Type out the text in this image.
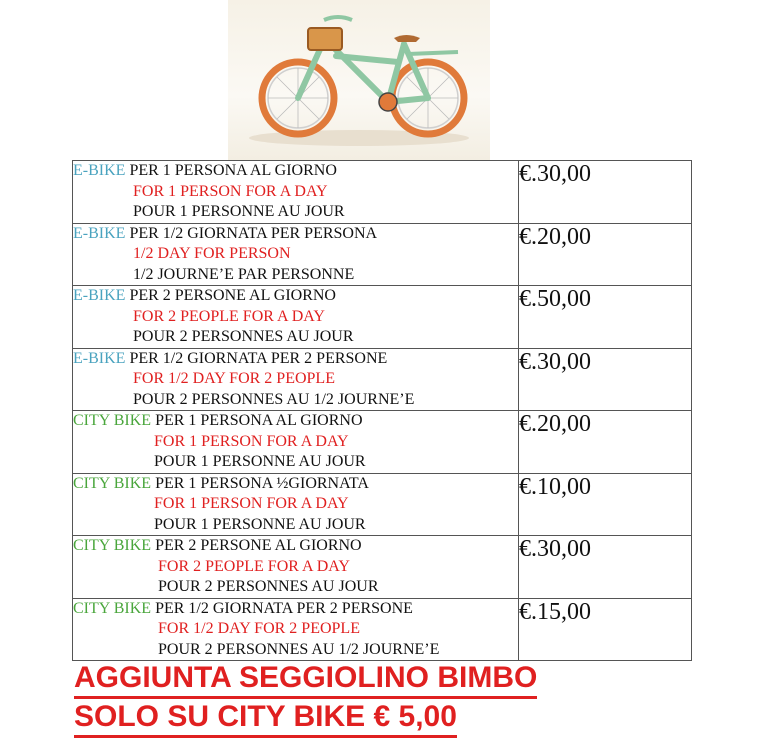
E-BIKE PER 1 PERSONA AL GIORNO
FOR 1 PERSON FOR A DAY
POUR 1 PERSONNE AU JOUR	€.30,00

E-BIKE PER 1/2 GIORNATA PER PERSONA
1/2 DAY FOR PERSON
1/2 JOURNE’E PAR PERSONNE	€.20,00

E-BIKE PER 2 PERSONE AL GIORNO
FOR 2 PEOPLE FOR A DAY
POUR 2 PERSONNES AU JOUR	€.50,00

E-BIKE PER 1/2 GIORNATA PER 2 PERSONE
FOR 1/2 DAY FOR 2 PEOPLE
POUR 2 PERSONNES AU 1/2 JOURNE’E	€.30,00

CITY BIKE PER 1 PERSONA AL GIORNO
FOR 1 PERSON FOR A DAY
POUR 1 PERSONNE AU JOUR	€.20,00

CITY BIKE PER 1 PERSONA ½GIORNATA
FOR 1 PERSON FOR A DAY
POUR 1 PERSONNE AU JOUR	€.10,00

CITY BIKE PER 2 PERSONE AL GIORNO
FOR 2 PEOPLE FOR A DAY
POUR 2 PERSONNES AU JOUR	€.30,00

CITY BIKE PER 1/2 GIORNATA PER 2 PERSONE
FOR 1/2 DAY FOR 2 PEOPLE
POUR 2 PERSONNES AU 1/2 JOURNE’E	€.15,00
AGGIUNTA SEGGIOLINO BIMBO
SOLO SU CITY BIKE € 5,00
